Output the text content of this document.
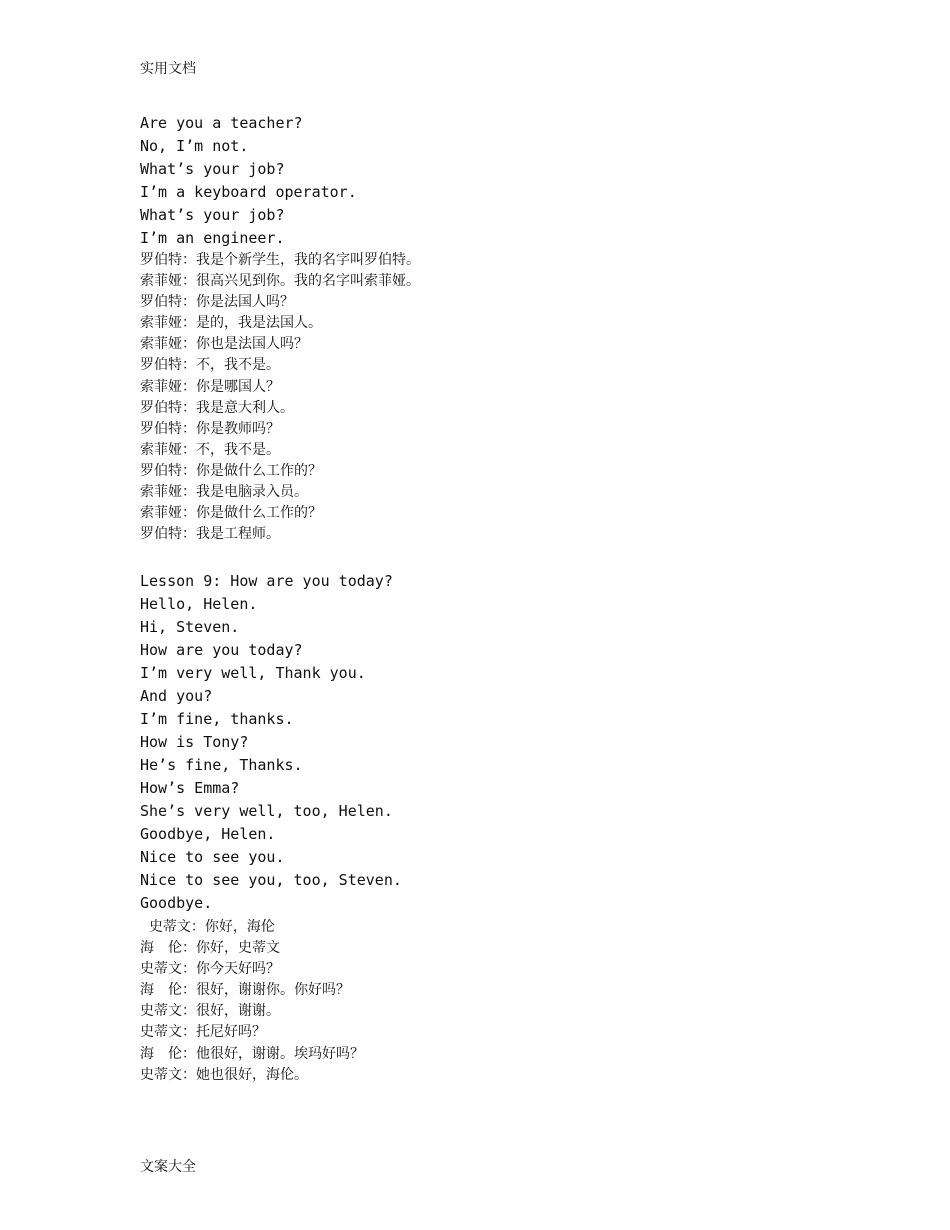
实用文档
Are you a teacher?
No, I’m not.
What’s your job?
I’m a keyboard operator.
What’s your job?
I’m an engineer.
罗伯特：我是个新学生，我的名字叫罗伯特。
索菲娅：很高兴见到你。我的名字叫索菲娅。
罗伯特：你是法国人吗？
索菲娅：是的，我是法国人。
索菲娅：你也是法国人吗？
罗伯特：不，我不是。
索菲娅：你是哪国人？
罗伯特：我是意大利人。
罗伯特：你是教师吗？
索菲娅：不，我不是。
罗伯特：你是做什么工作的？
索菲娅：我是电脑录入员。
索菲娅：你是做什么工作的？
罗伯特：我是工程师。
Lesson 9: How are you today?
Hello, Helen.
Hi, Steven.
How are you today?
I’m very well, Thank you.
And you?
I’m fine, thanks.
How is Tony?
He’s fine, Thanks.
How’s Emma?
She’s very well, too, Helen.
Goodbye, Helen.
Nice to see you.
Nice to see you, too, Steven.
Goodbye.
史蒂文：你好，海伦
海　伦：你好，史蒂文
史蒂文：你今天好吗？
海　伦：很好，谢谢你。你好吗？
史蒂文：很好，谢谢。
史蒂文：托尼好吗？
海　伦：他很好，谢谢。埃玛好吗？
史蒂文：她也很好，海伦。
文案大全
